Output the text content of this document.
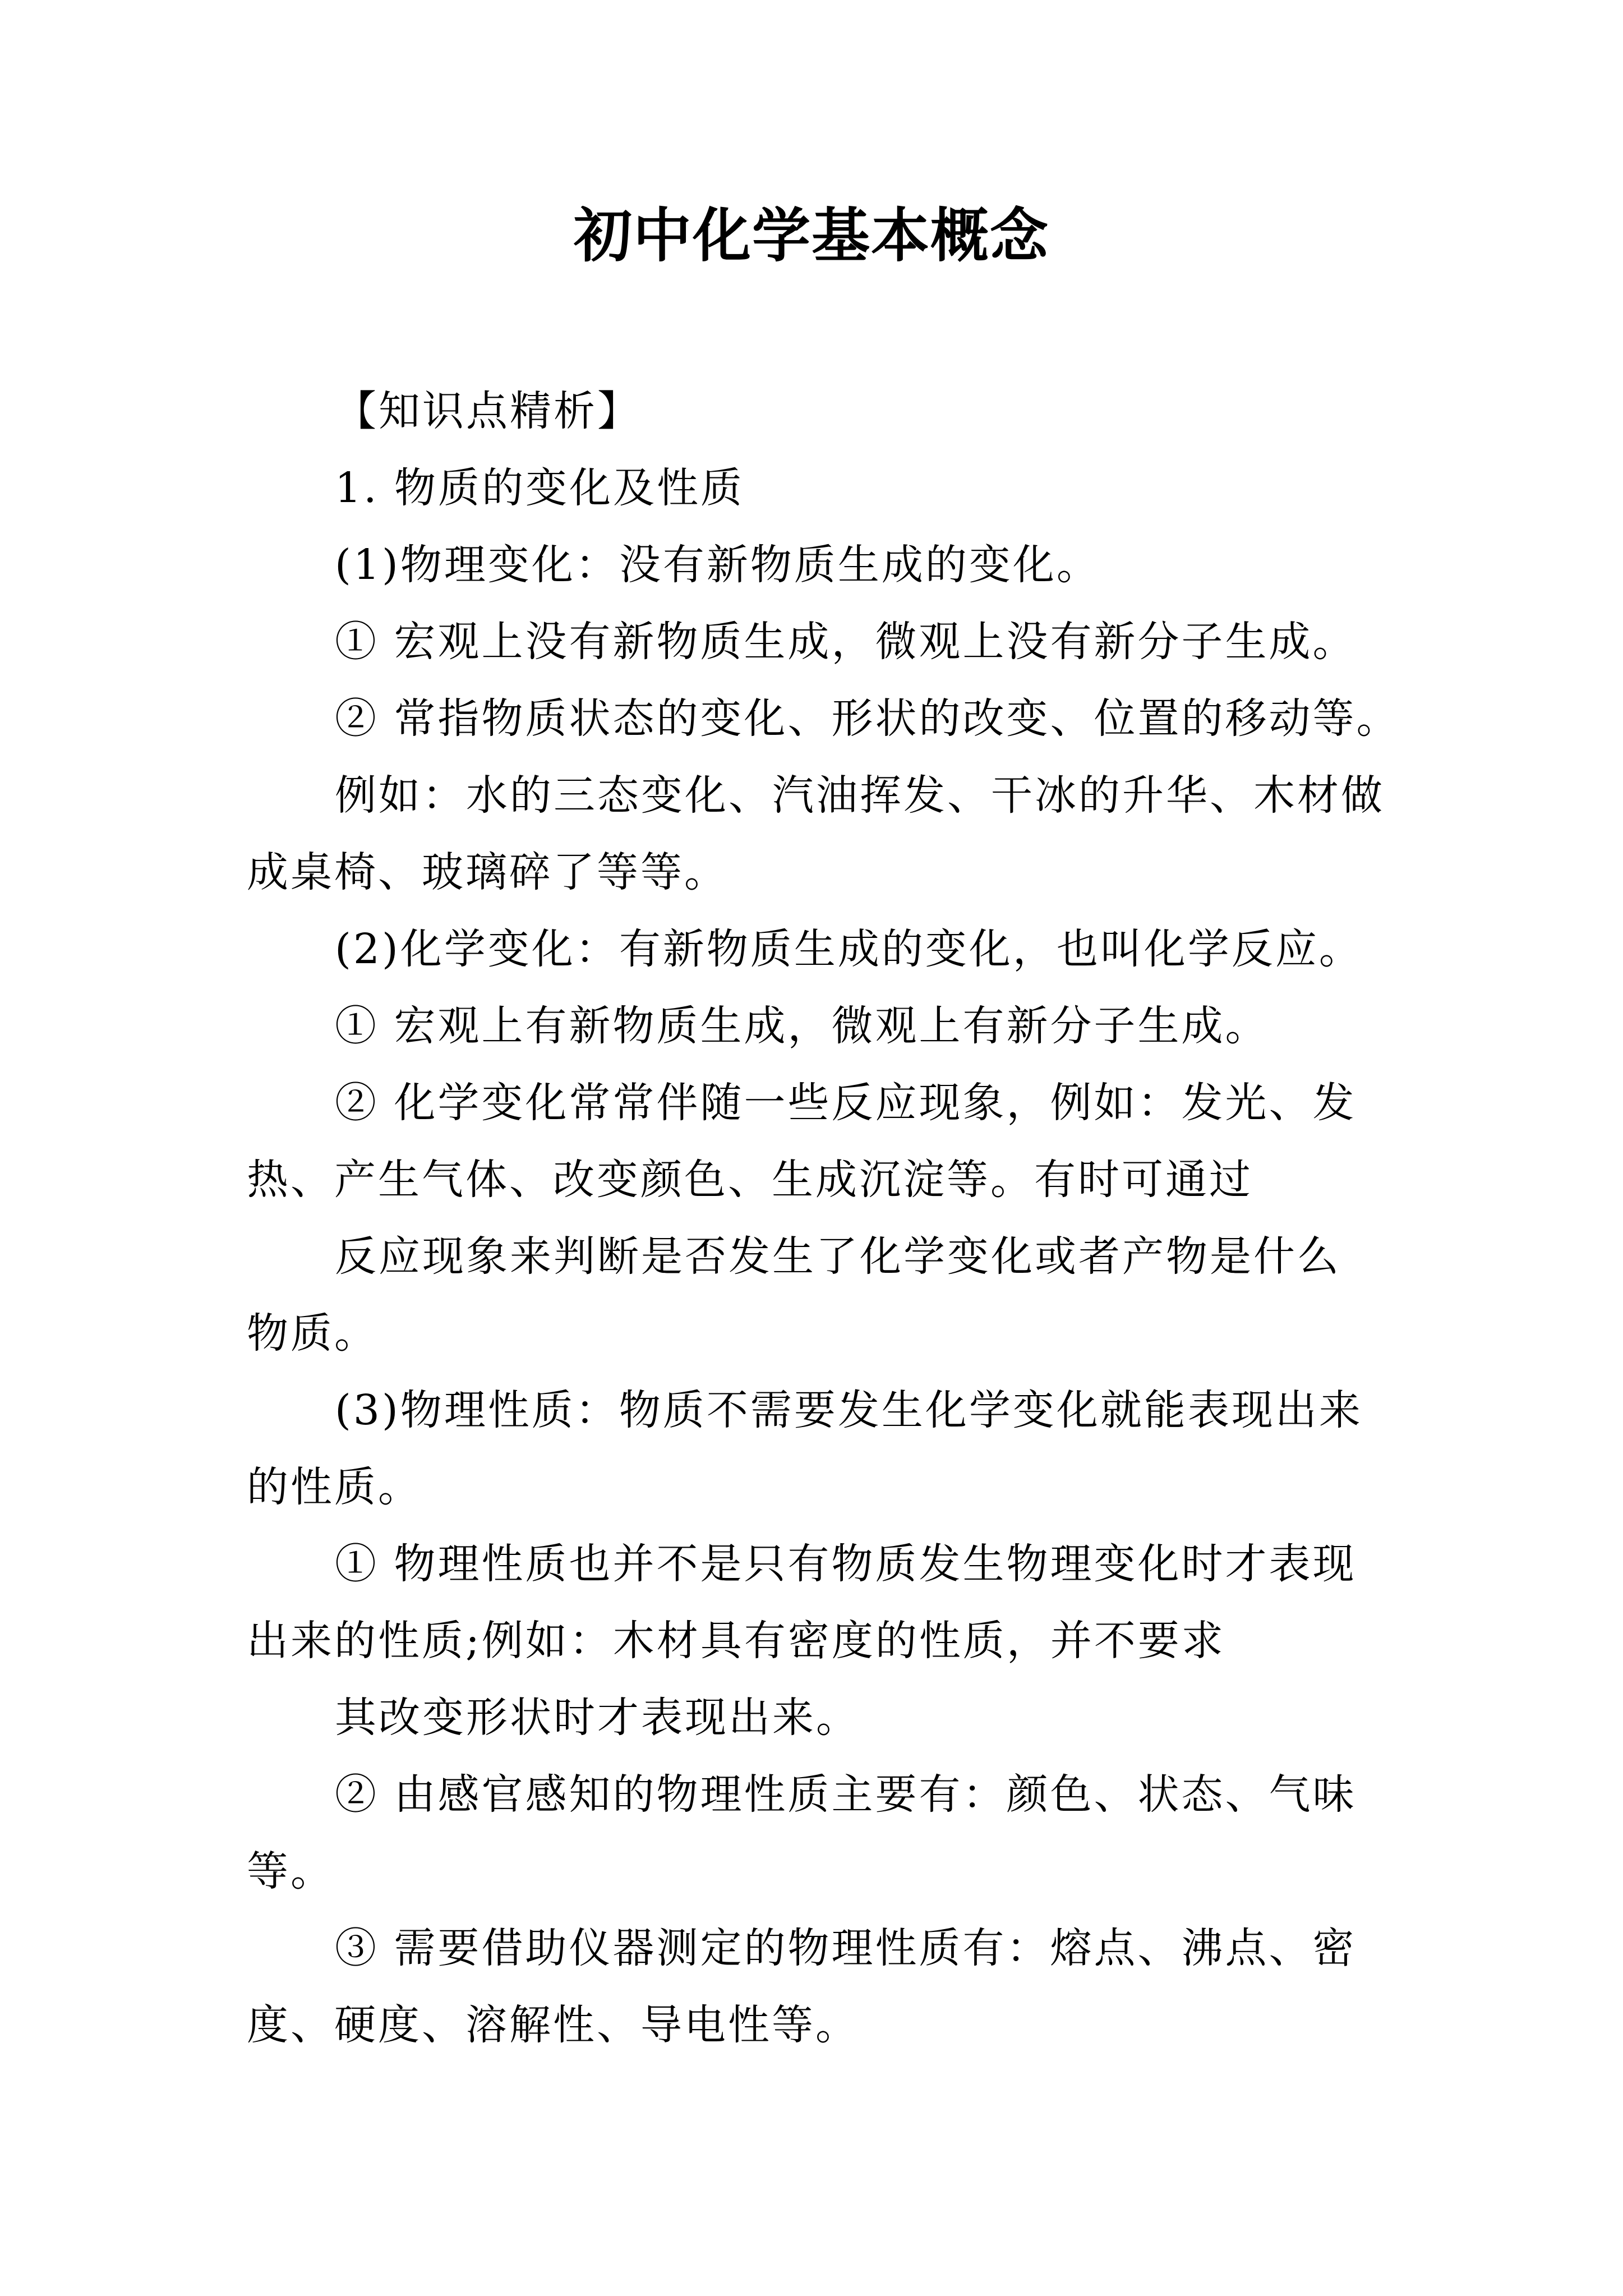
初中化学基本概念
【知识点精析】
1. 物质的变化及性质
(1)物理变化：没有新物质生成的变化。
① 宏观上没有新物质生成，微观上没有新分子生成。
② 常指物质状态的变化、形状的改变、位置的移动等。
例如：水的三态变化、汽油挥发、干冰的升华、木材做
成桌椅、玻璃碎了等等。
(2)化学变化：有新物质生成的变化，也叫化学反应。
① 宏观上有新物质生成，微观上有新分子生成。
② 化学变化常常伴随一些反应现象，例如：发光、发
热、产生气体、改变颜色、生成沉淀等。有时可通过
反应现象来判断是否发生了化学变化或者产物是什么
物质。
(3)物理性质：物质不需要发生化学变化就能表现出来
的性质。
① 物理性质也并不是只有物质发生物理变化时才表现
出来的性质;例如：木材具有密度的性质，并不要求
其改变形状时才表现出来。
② 由感官感知的物理性质主要有：颜色、状态、气味
等。
③ 需要借助仪器测定的物理性质有：熔点、沸点、密
度、硬度、溶解性、导电性等。
